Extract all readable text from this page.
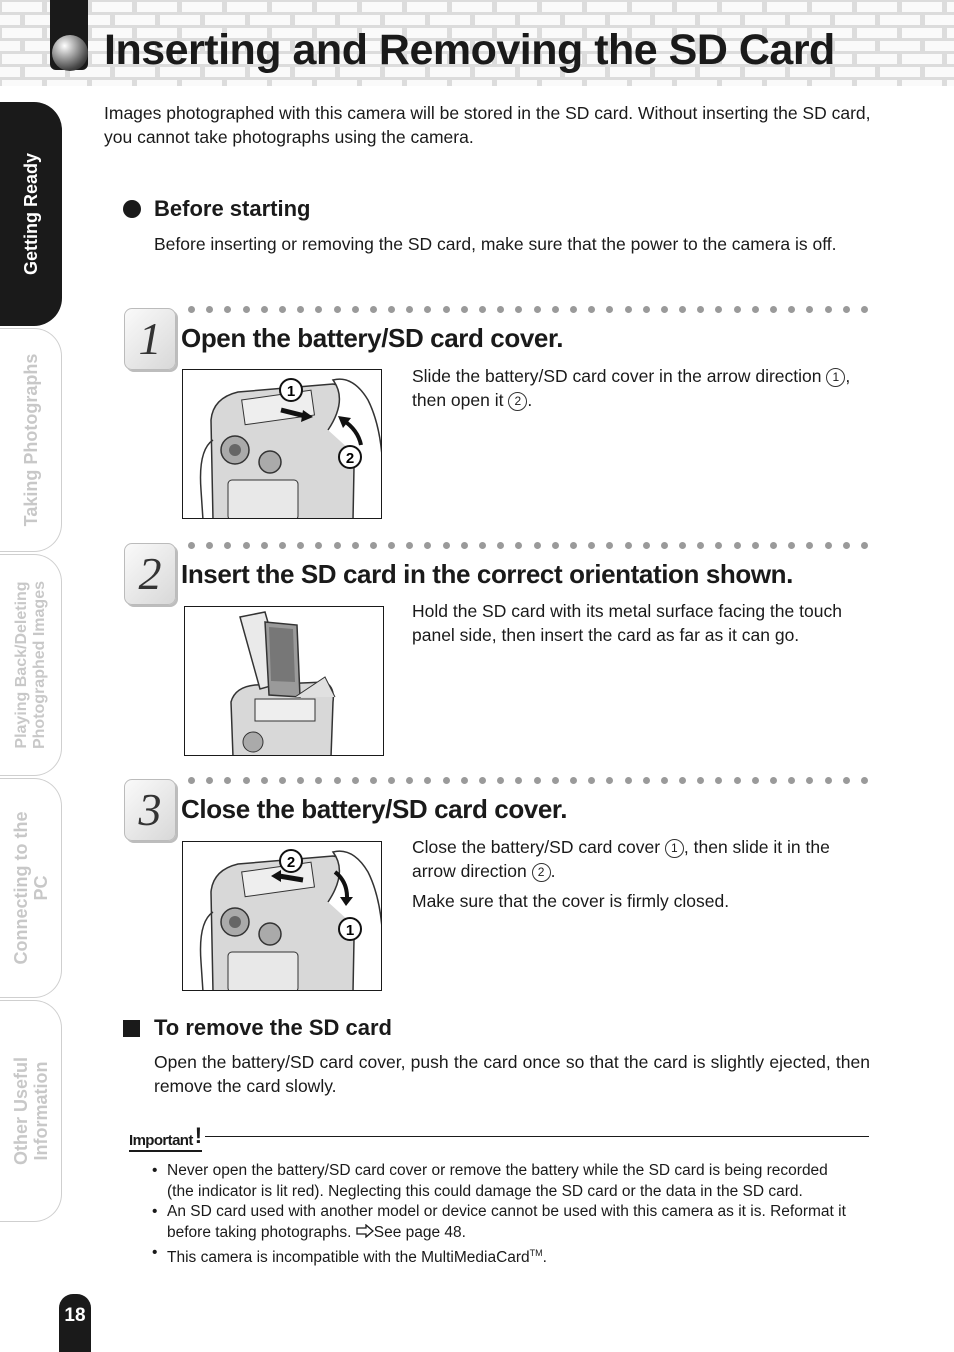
Inserting and Removing the SD Card
Getting Ready
Taking Photographs
Playing Back/Deleting
Photographed Images
Connecting to the
PC
Other Useful
Information

Images photographed with this camera will be stored in the SD card. Without inserting the SD card, you cannot take photographs using the camera.

Before starting

Before inserting or removing the SD card, make sure that the power to the camera is off.

1 Open the battery/SD card cover.
1
2

Slide the battery/SD card cover in the arrow direction 1 , then open it 2 .

2 Insert the SD card in the correct orientation shown.

Hold the SD card with its metal surface facing the touch panel side, then insert the card as far as it can go.

3 Close the battery/SD card cover.
2
1

Close the battery/SD card cover 1 , then slide it in the arrow direction 2 .

Make sure that the cover is firmly closed.

To remove the SD card

Open the battery/SD card cover, push the card once so that the card is slightly ejected, then remove the card slowly.

Important!
• Never open the battery/SD card cover or remove the battery while the SD card is being recorded (the indicator is lit red). Neglecting this could damage the SD card or the data in the SD card.
• An SD card used with another model or device cannot be used with this camera as it is. Reformat it before taking photographs. See page 48.
• This camera is incompatible with the MultiMediaCard™.
18
